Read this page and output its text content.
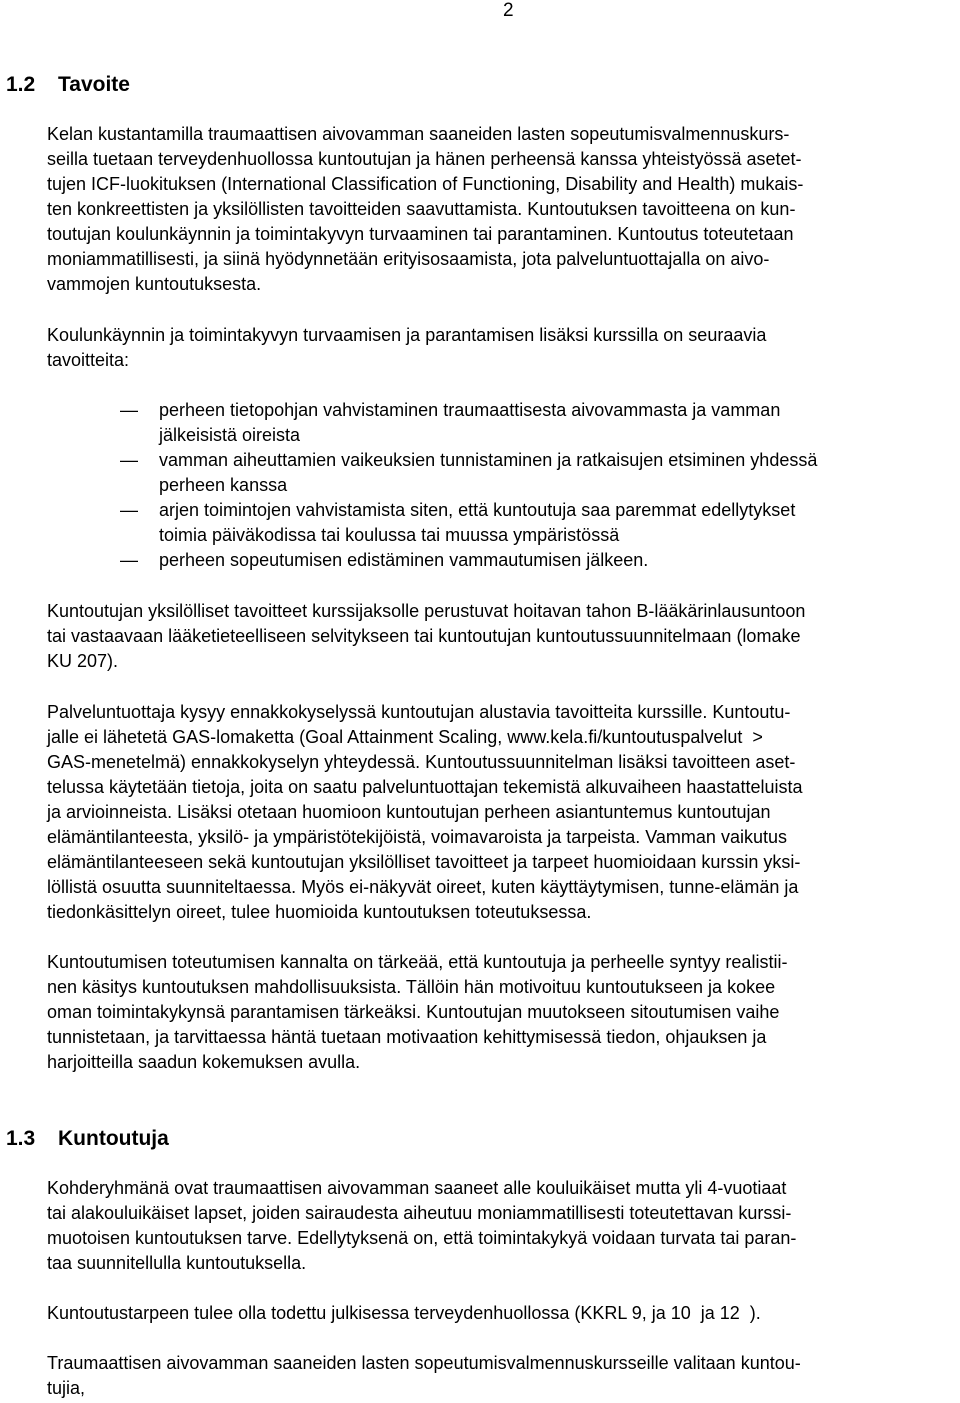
2
1.2 Tavoite
Kelan kustantamilla traumaattisen aivovamman saaneiden lasten sopeutumisvalmennuskurs-
seilla tuetaan terveydenhuollossa kuntoutujan ja hänen perheensä kanssa yhteistyössä asetet-
tujen ICF-luokituksen (International Classification of Functioning, Disability and Health) mukais-
ten konkreettisten ja yksilöllisten tavoitteiden saavuttamista. Kuntoutuksen tavoitteena on kun-
toutujan koulunkäynnin ja toimintakyvyn turvaaminen tai parantaminen. Kuntoutus toteutetaan
moniammatillisesti, ja siinä hyödynnetään erityisosaamista, jota palveluntuottajalla on aivo-
vammojen kuntoutuksesta.
Koulunkäynnin ja toimintakyvyn turvaamisen ja parantamisen lisäksi kurssilla on seuraavia
tavoitteita:
— perheen tietopohjan vahvistaminen traumaattisesta aivovammasta ja vamman
jälkeisistä oireista
— vamman aiheuttamien vaikeuksien tunnistaminen ja ratkaisujen etsiminen yhdessä
perheen kanssa
— arjen toimintojen vahvistamista siten, että kuntoutuja saa paremmat edellytykset
toimia päiväkodissa tai koulussa tai muussa ympäristössä
— perheen sopeutumisen edistäminen vammautumisen jälkeen.
Kuntoutujan yksilölliset tavoitteet kurssijaksolle perustuvat hoitavan tahon B-lääkärinlausuntoon
tai vastaavaan lääketieteelliseen selvitykseen tai kuntoutujan kuntoutussuunnitelmaan (lomake
KU 207).
Palveluntuottaja kysyy ennakkokyselyssä kuntoutujan alustavia tavoitteita kurssille. Kuntoutu-
jalle ei lähetetä GAS-lomaketta (Goal Attainment Scaling, www.kela.fi/kuntoutuspalvelut  >
GAS-menetelmä) ennakkokyselyn yhteydessä. Kuntoutussuunnitelman lisäksi tavoitteen aset-
telussa käytetään tietoja, joita on saatu palveluntuottajan tekemistä alkuvaiheen haastatteluista
ja arvioinneista. Lisäksi otetaan huomioon kuntoutujan perheen asiantuntemus kuntoutujan
elämäntilanteesta, yksilö- ja ympäristötekijöistä, voimavaroista ja tarpeista. Vamman vaikutus
elämäntilanteeseen sekä kuntoutujan yksilölliset tavoitteet ja tarpeet huomioidaan kurssin yksi-
löllistä osuutta suunniteltaessa. Myös ei-näkyvät oireet, kuten käyttäytymisen, tunne-elämän ja
tiedonkäsittelyn oireet, tulee huomioida kuntoutuksen toteutuksessa.
Kuntoutumisen toteutumisen kannalta on tärkeää, että kuntoutuja ja perheelle syntyy realistii-
nen käsitys kuntoutuksen mahdollisuuksista. Tällöin hän motivoituu kuntoutukseen ja kokee
oman toimintakykynsä parantamisen tärkeäksi. Kuntoutujan muutokseen sitoutumisen vaihe
tunnistetaan, ja tarvittaessa häntä tuetaan motivaation kehittymisessä tiedon, ohjauksen ja
harjoitteilla saadun kokemuksen avulla.
1.3 Kuntoutuja
Kohderyhmänä ovat traumaattisen aivovamman saaneet alle kouluikäiset mutta yli 4-vuotiaat
tai alakouluikäiset lapset, joiden sairaudesta aiheutuu moniammatillisesti toteutettavan kurssi-
muotoisen kuntoutuksen tarve. Edellytyksenä on, että toimintakykyä voidaan turvata tai paran-
taa suunnitellulla kuntoutuksella.
Kuntoutustarpeen tulee olla todettu julkisessa terveydenhuollossa (KKRL 9, ja 10  ja 12  ).
Traumaattisen aivovamman saaneiden lasten sopeutumisvalmennuskursseille valitaan kuntou-
tujia,
